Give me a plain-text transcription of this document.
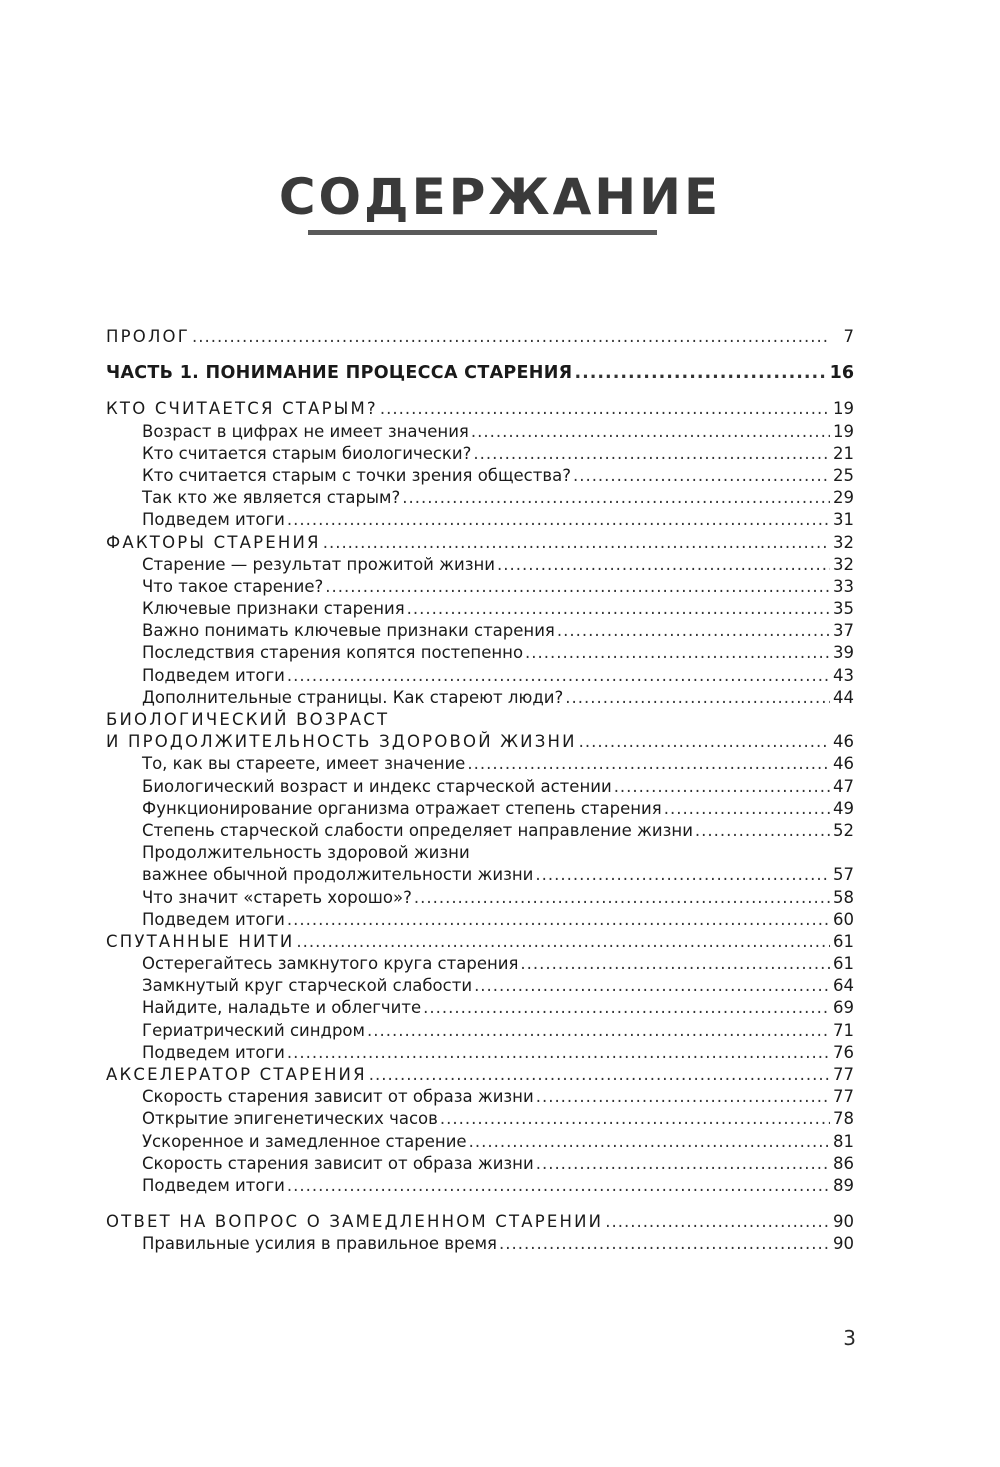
СОДЕРЖАНИЕ
ПРОЛОГ .....	7
ЧАСТЬ 1. ПОНИМАНИЕ ПРОЦЕССА СТАРЕНИЯ .....	16
КТО СЧИТАЕТСЯ СТАРЫМ? .....	19
Возраст в цифрах не имеет значения .....	19
Кто считается старым биологически? .....	21
Кто считается старым с точки зрения общества? .....	25
Так кто же является старым? .....	29
Подведем итоги .....	31
ФАКТОРЫ СТАРЕНИЯ .....	32
Старение — результат прожитой жизни .....	32
Что такое старение? .....	33
Ключевые признаки старения .....	35
Важно понимать ключевые признаки старения .....	37
Последствия старения копятся постепенно .....	39
Подведем итоги .....	43
Дополнительные страницы. Как стареют люди? .....	44
БИОЛОГИЧЕСКИЙ ВОЗРАСТ
И ПРОДОЛЖИТЕЛЬНОСТЬ ЗДОРОВОЙ ЖИЗНИ .....	46
То, как вы стареете, имеет значение .....	46
Биологический возраст и индекс старческой астении .....	47
Функционирование организма отражает степень старения .....	49
Степень старческой слабости определяет направление жизни .....	52
Продолжительность здоровой жизни
важнее обычной продолжительности жизни .....	57
Что значит «стареть хорошо»? .....	58
Подведем итоги .....	60
СПУТАННЫЕ НИТИ .....	61
Остерегайтесь замкнутого круга старения .....	61
Замкнутый круг старческой слабости .....	64
Найдите, наладьте и облегчите .....	69
Гериатрический синдром .....	71
Подведем итоги .....	76
АКСЕЛЕРАТОР СТАРЕНИЯ .....	77
Скорость старения зависит от образа жизни .....	77
Открытие эпигенетических часов .....	78
Ускоренное и замедленное старение .....	81
Скорость старения зависит от образа жизни .....	86
Подведем итоги .....	89
ОТВЕТ НА ВОПРОС О ЗАМЕДЛЕННОМ СТАРЕНИИ .....	90
Правильные усилия в правильное время .....	90
3
